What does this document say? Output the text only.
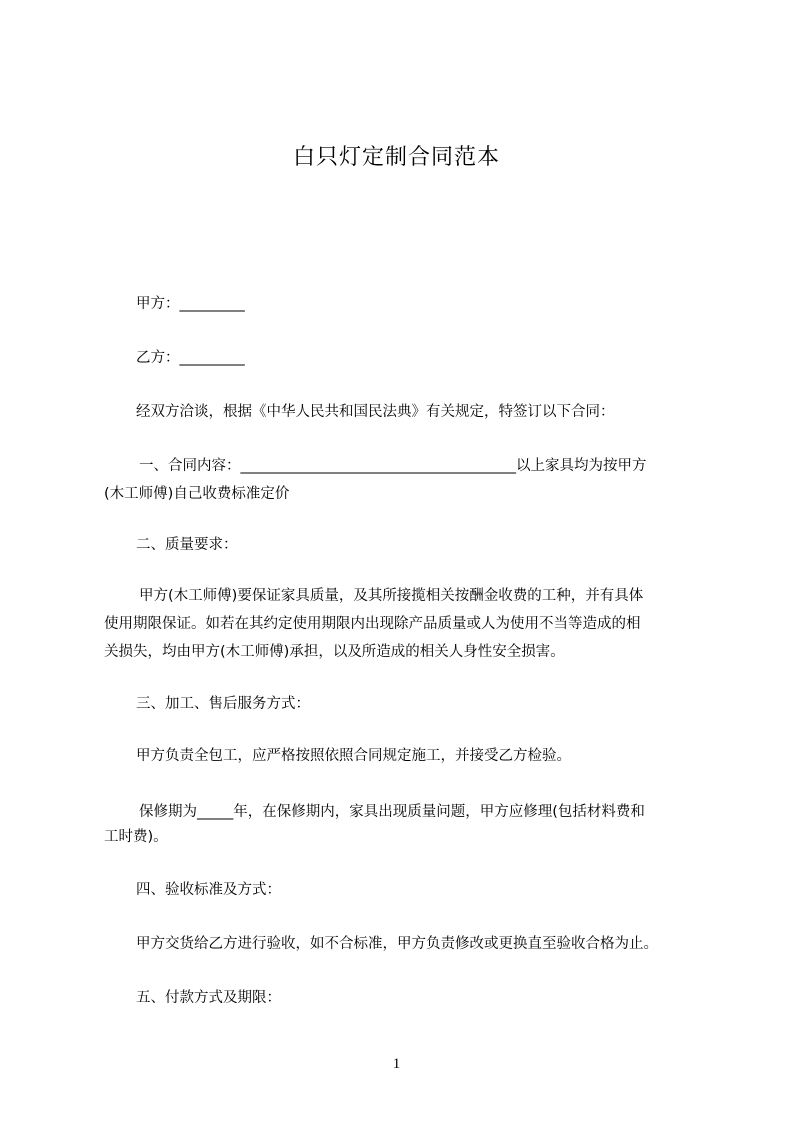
白只灯定制合同范本
甲方：_________
乙方：_________
经双方洽谈，根据《中华人民共和国民法典》有关规定，特签订以下合同：
一、合同内容：______________________________________以上家具均为按甲方
(木工师傅)自己收费标准定价
二、质量要求：
甲方(木工师傅)要保证家具质量，及其所接揽相关按酬金收费的工种，并有具体
使用期限保证。如若在其约定使用期限内出现除产品质量或人为使用不当等造成的相
关损失，均由甲方(木工师傅)承担，以及所造成的相关人身性安全损害。
三、加工、售后服务方式：
甲方负责全包工，应严格按照依照合同规定施工，并接受乙方检验。
保修期为_____年，在保修期内，家具出现质量问题，甲方应修理(包括材料费和
工时费)。
四、验收标准及方式：
甲方交货给乙方进行验收，如不合标准，甲方负责修改或更换直至验收合格为止。
五、付款方式及期限：
1
